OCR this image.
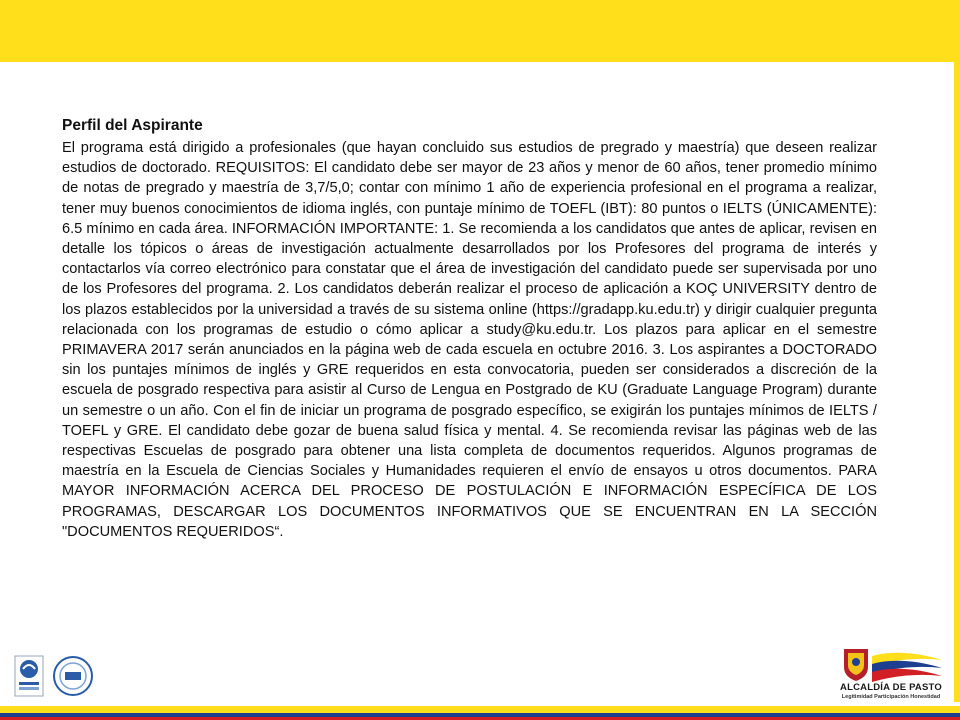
Perfil del Aspirante

El programa está dirigido a profesionales (que hayan concluido sus estudios de pregrado y maestría) que deseen realizar estudios de doctorado. REQUISITOS: El candidato debe ser mayor de 23 años y menor de 60 años, tener promedio mínimo de notas de pregrado y maestría de 3,7/5,0; contar con mínimo 1 año de experiencia profesional en el programa a realizar, tener muy buenos conocimientos de idioma inglés, con puntaje mínimo de TOEFL (IBT): 80 puntos o IELTS (ÚNICAMENTE): 6.5 mínimo en cada área. INFORMACIÓN IMPORTANTE: 1. Se recomienda a los candidatos que antes de aplicar, revisen en detalle los tópicos o áreas de investigación actualmente desarrollados por los Profesores del programa de interés y contactarlos vía correo electrónico para constatar que el área de investigación del candidato puede ser supervisada por uno de los Profesores del programa. 2. Los candidatos deberán realizar el proceso de aplicación a KOÇ UNIVERSITY dentro de los plazos establecidos por la universidad a través de su sistema online (https://gradapp.ku.edu.tr) y dirigir cualquier pregunta relacionada con los programas de estudio o cómo aplicar a study@ku.edu.tr. Los plazos para aplicar en el semestre PRIMAVERA 2017 serán anunciados en la página web de cada escuela en octubre 2016. 3. Los aspirantes a DOCTORADO sin los puntajes mínimos de inglés y GRE requeridos en esta convocatoria, pueden ser considerados a discreción de la escuela de posgrado respectiva para asistir al Curso de Lengua en Postgrado de KU (Graduate Language Program) durante un semestre o un año. Con el fin de iniciar un programa de posgrado específico, se exigirán los puntajes mínimos de IELTS / TOEFL y GRE. El candidato debe gozar de buena salud física y mental. 4. Se recomienda revisar las páginas web de las respectivas Escuelas de posgrado para obtener una lista completa de documentos requeridos. Algunos programas de maestría en la Escuela de Ciencias Sociales y Humanidades requieren el envío de ensayos u otros documentos. PARA MAYOR INFORMACIÓN ACERCA DEL PROCESO DE POSTULACIÓN E INFORMACIÓN ESPECÍFICA DE LOS PROGRAMAS, DESCARGAR LOS DOCUMENTOS INFORMATIVOS QUE SE ENCUENTRAN EN LA SECCIÓN "DOCUMENTOS REQUERIDOS“.

ALCALDÍA DE PASTO
Legitimidad Participación Honestidad
